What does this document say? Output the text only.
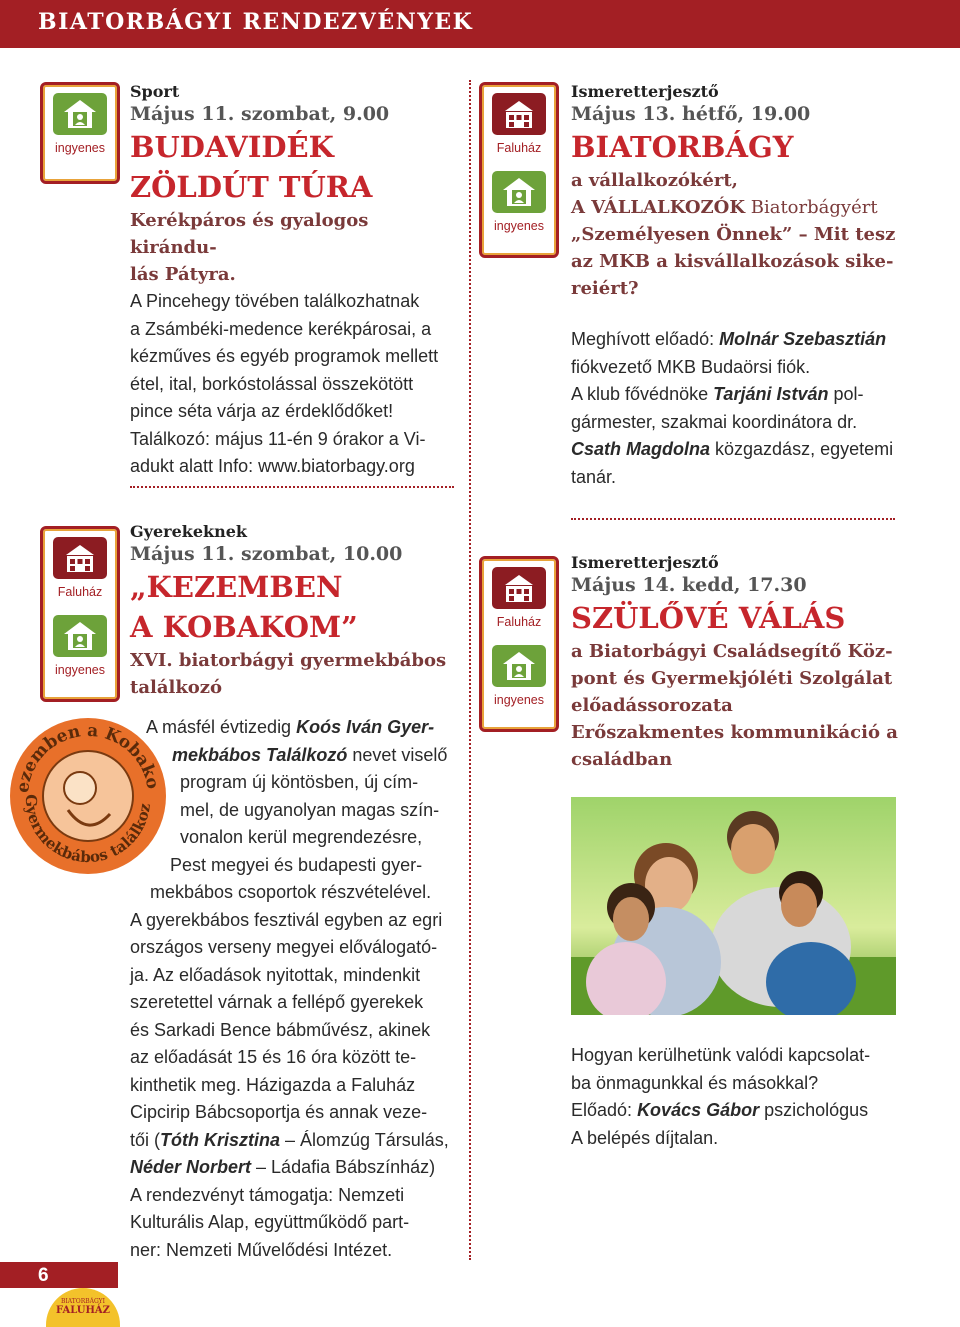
BIATORBÁGYI RENDEZVÉNYEK
ingyenes
Sport
Május 11. szombat, 9.00
BUDAVIDÉK
ZÖLDÚT TÚRA
Kerékpáros és gyalogos kirándu-
lás Pátyra.
A Pincehegy tövében találkozhatnak
a Zsámbéki-medence kerékpárosai, a
kézműves és egyéb programok mellett
étel, ital, borkóstolással összekötött
pince séta várja az érdeklődőket!
Találkozó: május 11-én 9 órakor a Vi-
adukt alatt Info: www.biatorbagy.org
Faluház
ingyenes
Gyerekeknek
Május 11. szombat, 10.00
„KEZEMBEN
A KOBAKOM”
XVI. biatorbágyi gyermekbábos
találkozó
ezemben a Kobako
Gyermekbábos találkoz
A másfél évtizedig Koós Iván Gyer-
mekbábos Találkozó nevet viselő
program új köntösben, új cím-
mel, de ugyanolyan magas szín-
vonalon kerül megrendezésre,
Pest megyei és budapesti gyer-
mekbábos csoportok részvételével.
A gyerekbábos fesztivál egyben az egri
országos verseny megyei előválogató-
ja. Az előadások nyitottak, mindenkit
szeretettel várnak a fellépő gyerekek
és Sarkadi Bence bábművész, akinek
az előadását 15 és 16 óra között te-
kinthetik meg. Házigazda a Faluház
Cipcirip Bábcsoportja és annak veze-
tői (Tóth Krisztina – Álomzúg Társulás,
Néder Norbert – Ládafia Bábszínház)
A rendezvényt támogatja: Nemzeti
Kulturális Alap, együttműködő part-
ner: Nemzeti Művelődési Intézet.
Faluház
ingyenes
Ismeretterjesztő
Május 13. hétfő, 19.00
BIATORBÁGY
a vállalkozókért,
A VÁLLALKOZÓK Biatorbágyért
„Személyesen Önnek” – Mit tesz
az MKB a kisvállalkozások sike-
reiért?
Meghívott előadó: Molnár Szebasztián
fiókvezető MKB Budaörsi fiók.
A klub fővédnöke Tarjáni István pol-
gármester, szakmai koordinátora dr.
Csath Magdolna közgazdász, egyetemi
tanár.
Faluház
ingyenes
Ismeretterjesztő
Május 14. kedd, 17.30
SZÜLŐVÉ VÁLÁS
a Biatorbágyi Családsegítő Köz-
pont és Gyermekjóléti Szolgálat
előadássorozata
Erőszakmentes kommunikáció a
családban
Hogyan kerülhetünk valódi kapcsolat-
ba önmagunkkal és másokkal?
Előadó: Kovács Gábor pszichológus
A belépés díjtalan.
6
BIATORBÁGYI
FALUHÁZ
